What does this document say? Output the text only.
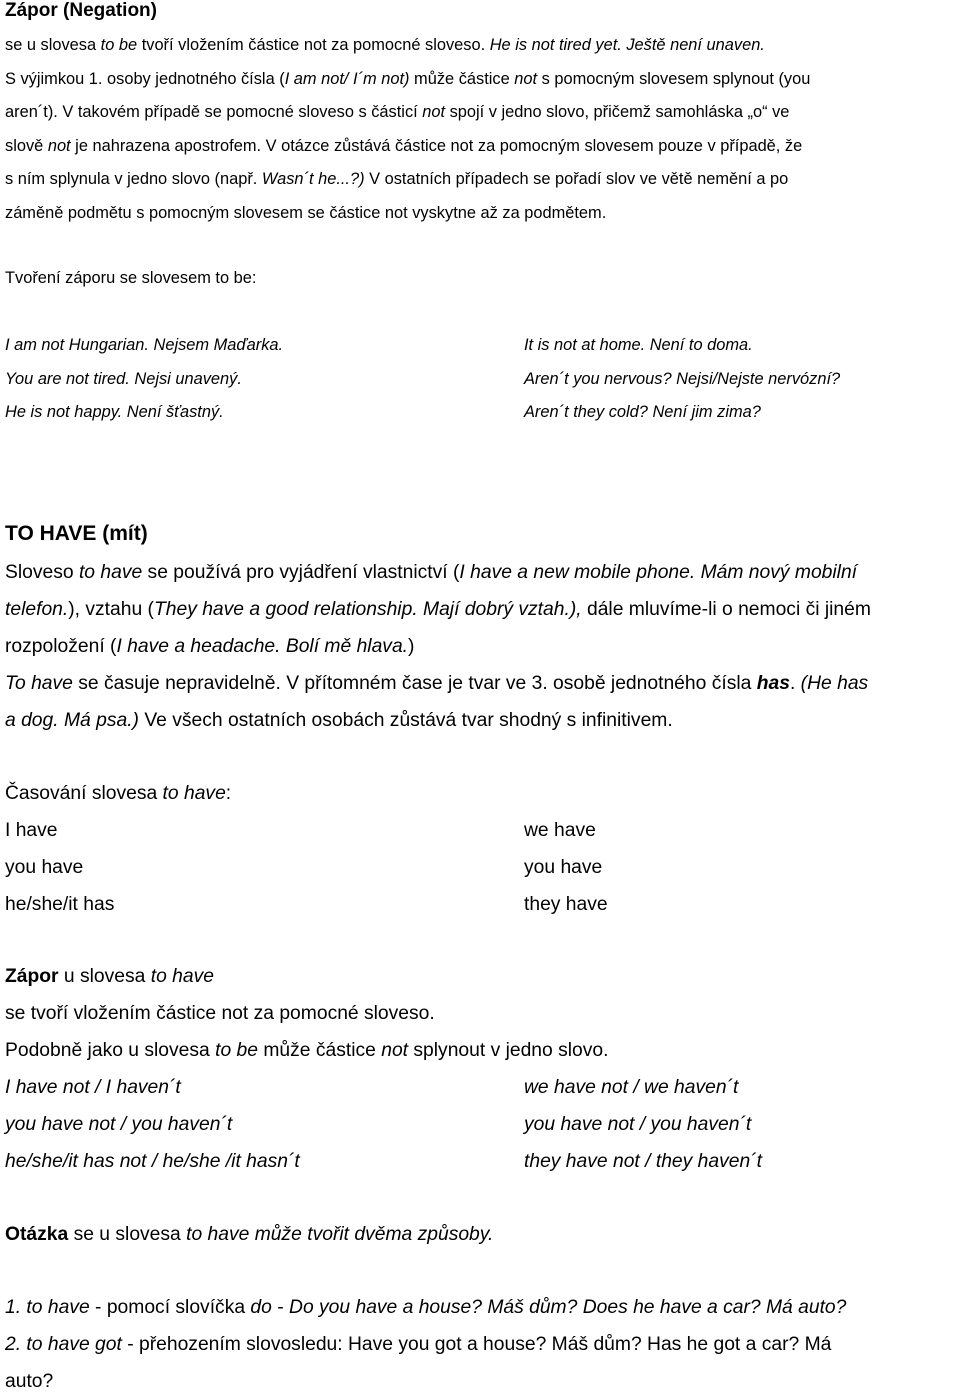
Zápor (Negation)
se u slovesa to be tvoří vložením částice not za pomocné sloveso. He is not tired yet. Ještě není unaven.
S výjimkou 1. osoby jednotného čísla (I am not/ I´m not) může částice not s pomocným slovesem splynout (you
aren´t). V takovém případě se pomocné sloveso s částicí not spojí v jedno slovo, přičemž samohláska „o“ ve
slově not je nahrazena apostrofem. V otázce zůstává částice not za pomocným slovesem pouze v případě, že
s ním splynula v jedno slovo (např. Wasn´t he...?) V ostatních případech se pořadí slov ve větě nemění a po
záměně podmětu s pomocným slovesem se částice not vyskytne až za podmětem.
Tvoření záporu se slovesem to be:
I am not Hungarian. Nejsem Maďarka.
You are not tired. Nejsi unavený.
He is not happy. Není šťastný.
It is not at home. Není to doma.
Aren´t you nervous? Nejsi/Nejste nervózní?
Aren´t they cold? Není jim zima?
TO HAVE (mít)
Sloveso to have se používá pro vyjádření vlastnictví (I have a new mobile phone. Mám nový mobilní
telefon.), vztahu (They have a good relationship. Mají dobrý vztah.), dále mluvíme-li o nemoci či jiném
rozpoložení (I have a headache. Bolí mě hlava.)
To have se časuje nepravidelně. V přítomném čase je tvar ve 3. osobě jednotného čísla has. (He has
a dog. Má psa.) Ve všech ostatních osobách zůstává tvar shodný s infinitivem.
Časování slovesa to have:
I have
you have
he/she/it has
we have
you have
they have
Zápor u slovesa to have
se tvoří vložením částice not za pomocné sloveso.
Podobně jako u slovesa to be může částice not splynout v jedno slovo.
I have not / I haven´t
you have not / you haven´t
he/she/it has not / he/she /it hasn´t
we have not / we haven´t
you have not / you haven´t
they have not / they haven´t
Otázka se u slovesa to have může tvořit dvěma způsoby.
1. to have - pomocí slovíčka do - Do you have a house? Máš dům? Does he have a car? Má auto?
2. to have got - přehozením slovosledu: Have you got a house? Máš dům? Has he got a car? Má
auto?
